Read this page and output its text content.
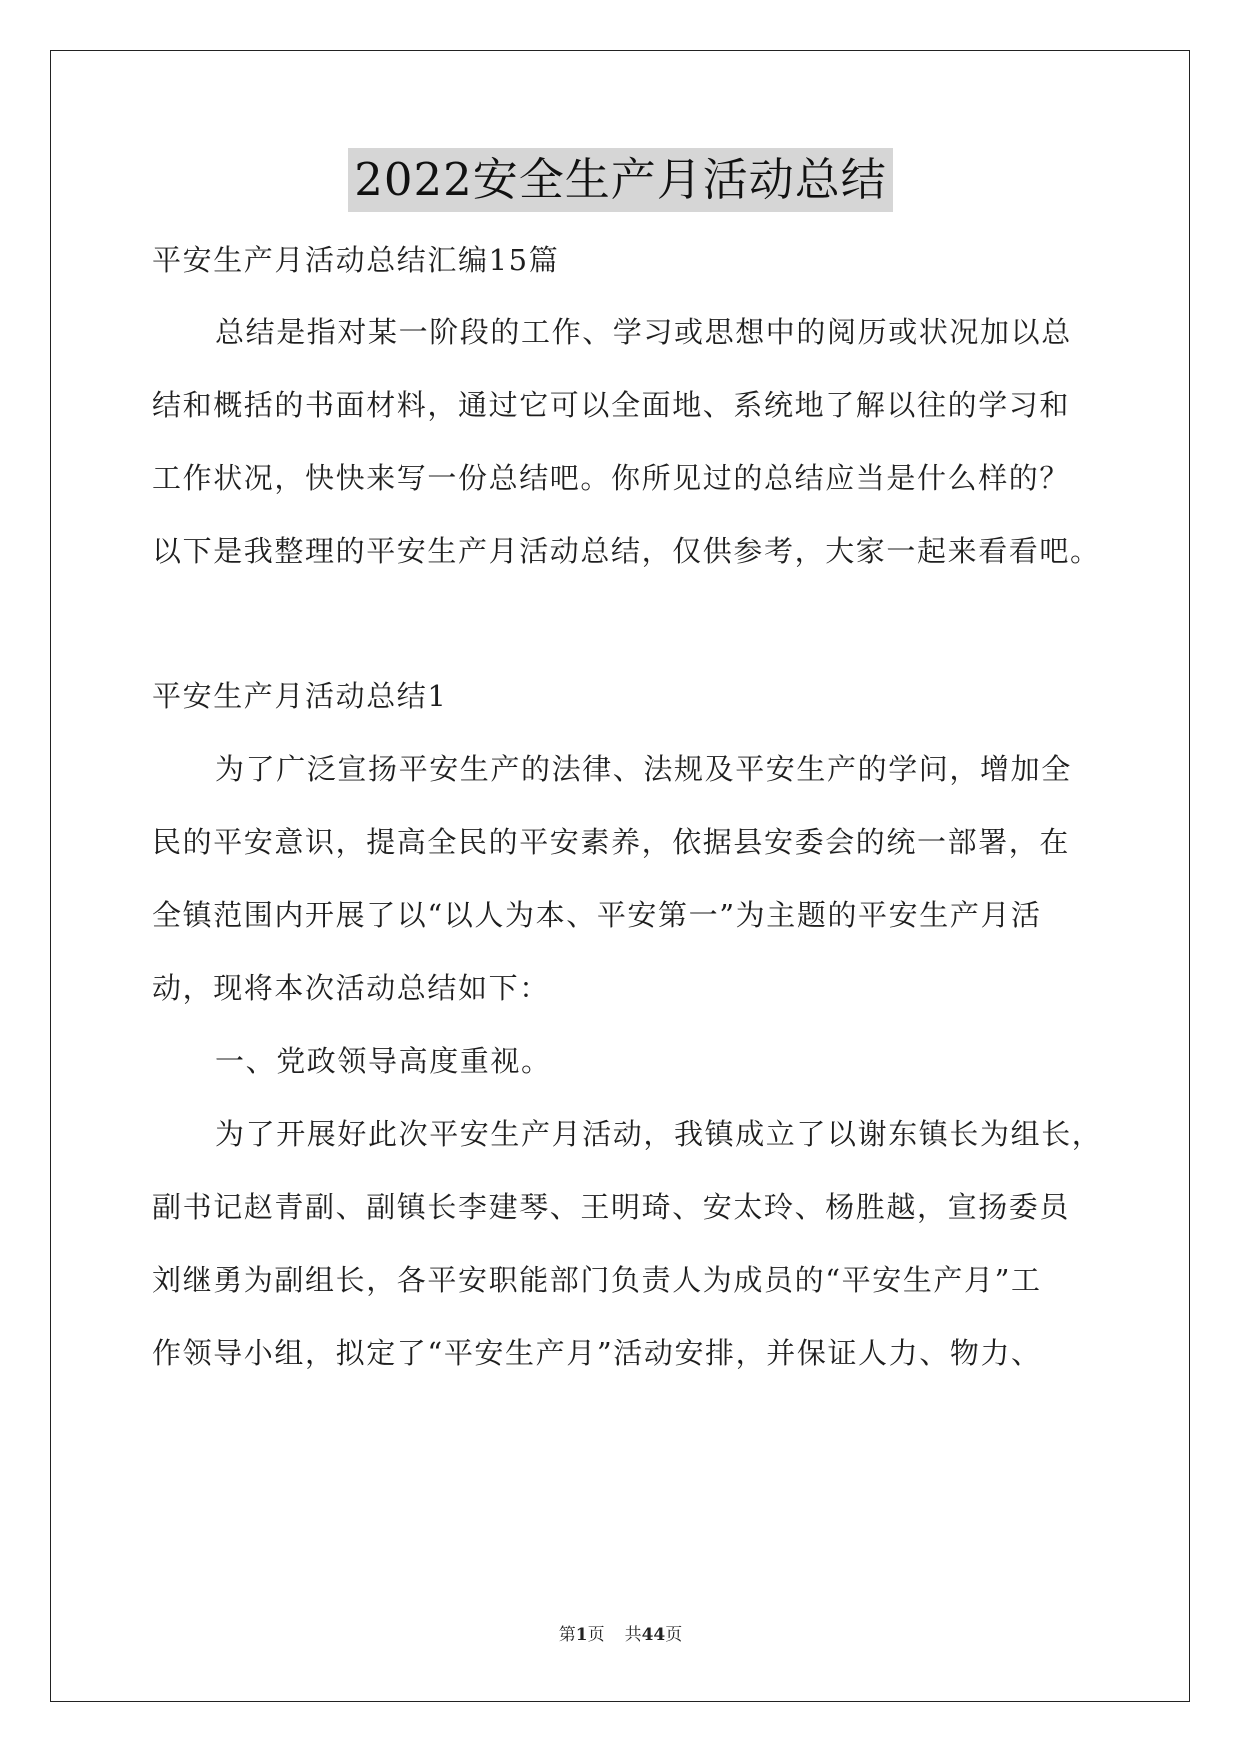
2022安全生产月活动总结
平安生产月活动总结汇编15篇
总结是指对某一阶段的工作、学习或思想中的阅历或状况加以总
结和概括的书面材料，通过它可以全面地、系统地了解以往的学习和
工作状况，快快来写一份总结吧。你所见过的总结应当是什么样的？
以下是我整理的平安生产月活动总结，仅供参考，大家一起来看看吧。
平安生产月活动总结1
为了广泛宣扬平安生产的法律、法规及平安生产的学问，增加全
民的平安意识，提高全民的平安素养，依据县安委会的统一部署，在
全镇范围内开展了以“以人为本、平安第一”为主题的平安生产月活
动，现将本次活动总结如下：
一、党政领导高度重视。
为了开展好此次平安生产月活动，我镇成立了以谢东镇长为组长，
副书记赵青副、副镇长李建琴、王明琦、安太玲、杨胜越，宣扬委员
刘继勇为副组长，各平安职能部门负责人为成员的“平安生产月”工
作领导小组，拟定了“平安生产月”活动安排，并保证人力、物力、
第1页 共44页
